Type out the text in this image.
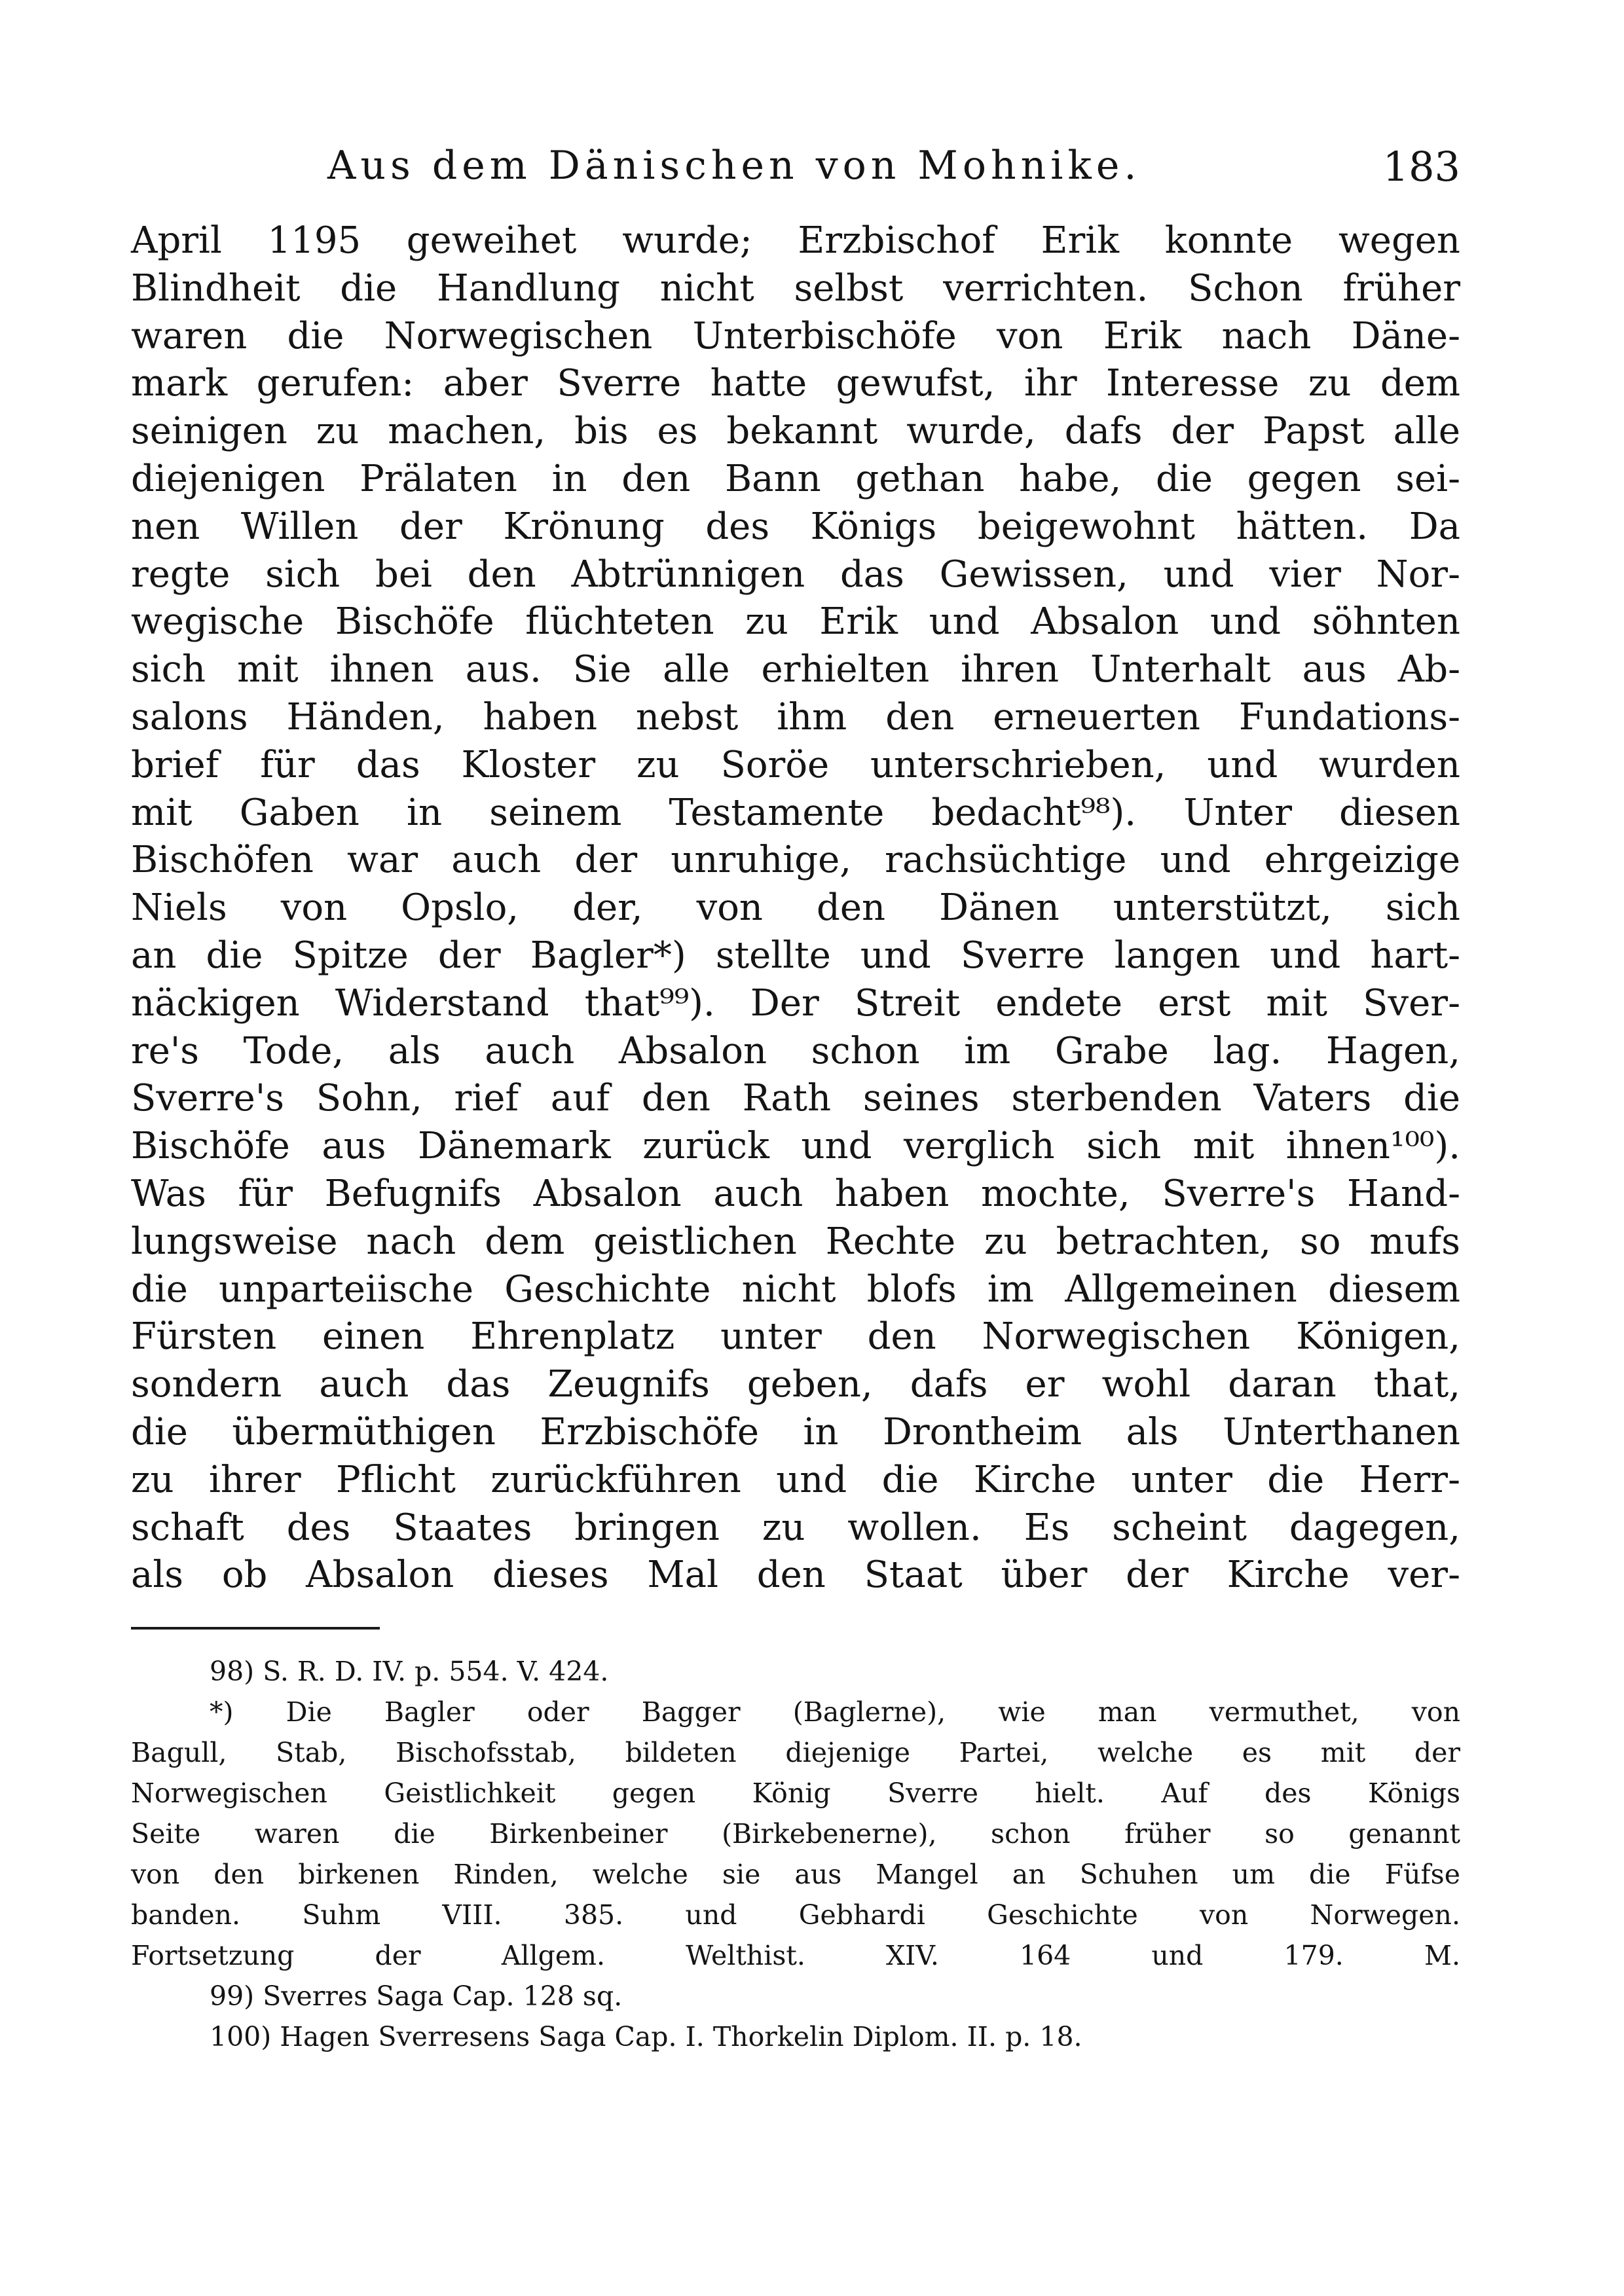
Aus dem Dänischen von Mohnike.	183
April 1195 geweihet wurde; Erzbischof Erik konnte wegen
Blindheit die Handlung nicht selbst verrichten. Schon früher
waren die Norwegischen Unterbischöfe von Erik nach Däne-
mark gerufen: aber Sverre hatte gewufst, ihr Interesse zu dem
seinigen zu machen, bis es bekannt wurde, dafs der Papst alle
diejenigen Prälaten in den Bann gethan habe, die gegen sei-
nen Willen der Krönung des Königs beigewohnt hätten. Da
regte sich bei den Abtrünnigen das Gewissen, und vier Nor-
wegische Bischöfe flüchteten zu Erik und Absalon und söhnten
sich mit ihnen aus. Sie alle erhielten ihren Unterhalt aus Ab-
salons Händen, haben nebst ihm den erneuerten Fundations-
brief für das Kloster zu Soröe unterschrieben, und wurden
mit Gaben in seinem Testamente bedacht⁹⁸). Unter diesen
Bischöfen war auch der unruhige, rachsüchtige und ehrgeizige
Niels von Opslo, der, von den Dänen unterstützt, sich
an die Spitze der Bagler*) stellte und Sverre langen und hart-
näckigen Widerstand that⁹⁹). Der Streit endete erst mit Sver-
re's Tode, als auch Absalon schon im Grabe lag. Hagen,
Sverre's Sohn, rief auf den Rath seines sterbenden Vaters die
Bischöfe aus Dänemark zurück und verglich sich mit ihnen¹⁰⁰).
Was für Befugnifs Absalon auch haben mochte, Sverre's Hand-
lungsweise nach dem geistlichen Rechte zu betrachten, so mufs
die unparteiische Geschichte nicht blofs im Allgemeinen diesem
Fürsten einen Ehrenplatz unter den Norwegischen Königen,
sondern auch das Zeugnifs geben, dafs er wohl daran that,
die übermüthigen Erzbischöfe in Drontheim als Unterthanen
zu ihrer Pflicht zurückführen und die Kirche unter die Herr-
schaft des Staates bringen zu wollen. Es scheint dagegen,
als ob Absalon dieses Mal den Staat über der Kirche ver-
98) S. R. D. IV. p. 554. V. 424.
*) Die Bagler oder Bagger (Baglerne), wie man vermuthet, von
Bagull, Stab, Bischofsstab, bildeten diejenige Partei, welche es mit der
Norwegischen Geistlichkeit gegen König Sverre hielt. Auf des Königs
Seite waren die Birkenbeiner (Birkebenerne), schon früher so genannt
von den birkenen Rinden, welche sie aus Mangel an Schuhen um die Füfse
banden. Suhm VIII. 385. und Gebhardi Geschichte von Norwegen.
Fortsetzung der Allgem. Welthist. XIV. 164 und 179. M.
99) Sverres Saga Cap. 128 sq.
100) Hagen Sverresens Saga Cap. I. Thorkelin Diplom. II. p. 18.
